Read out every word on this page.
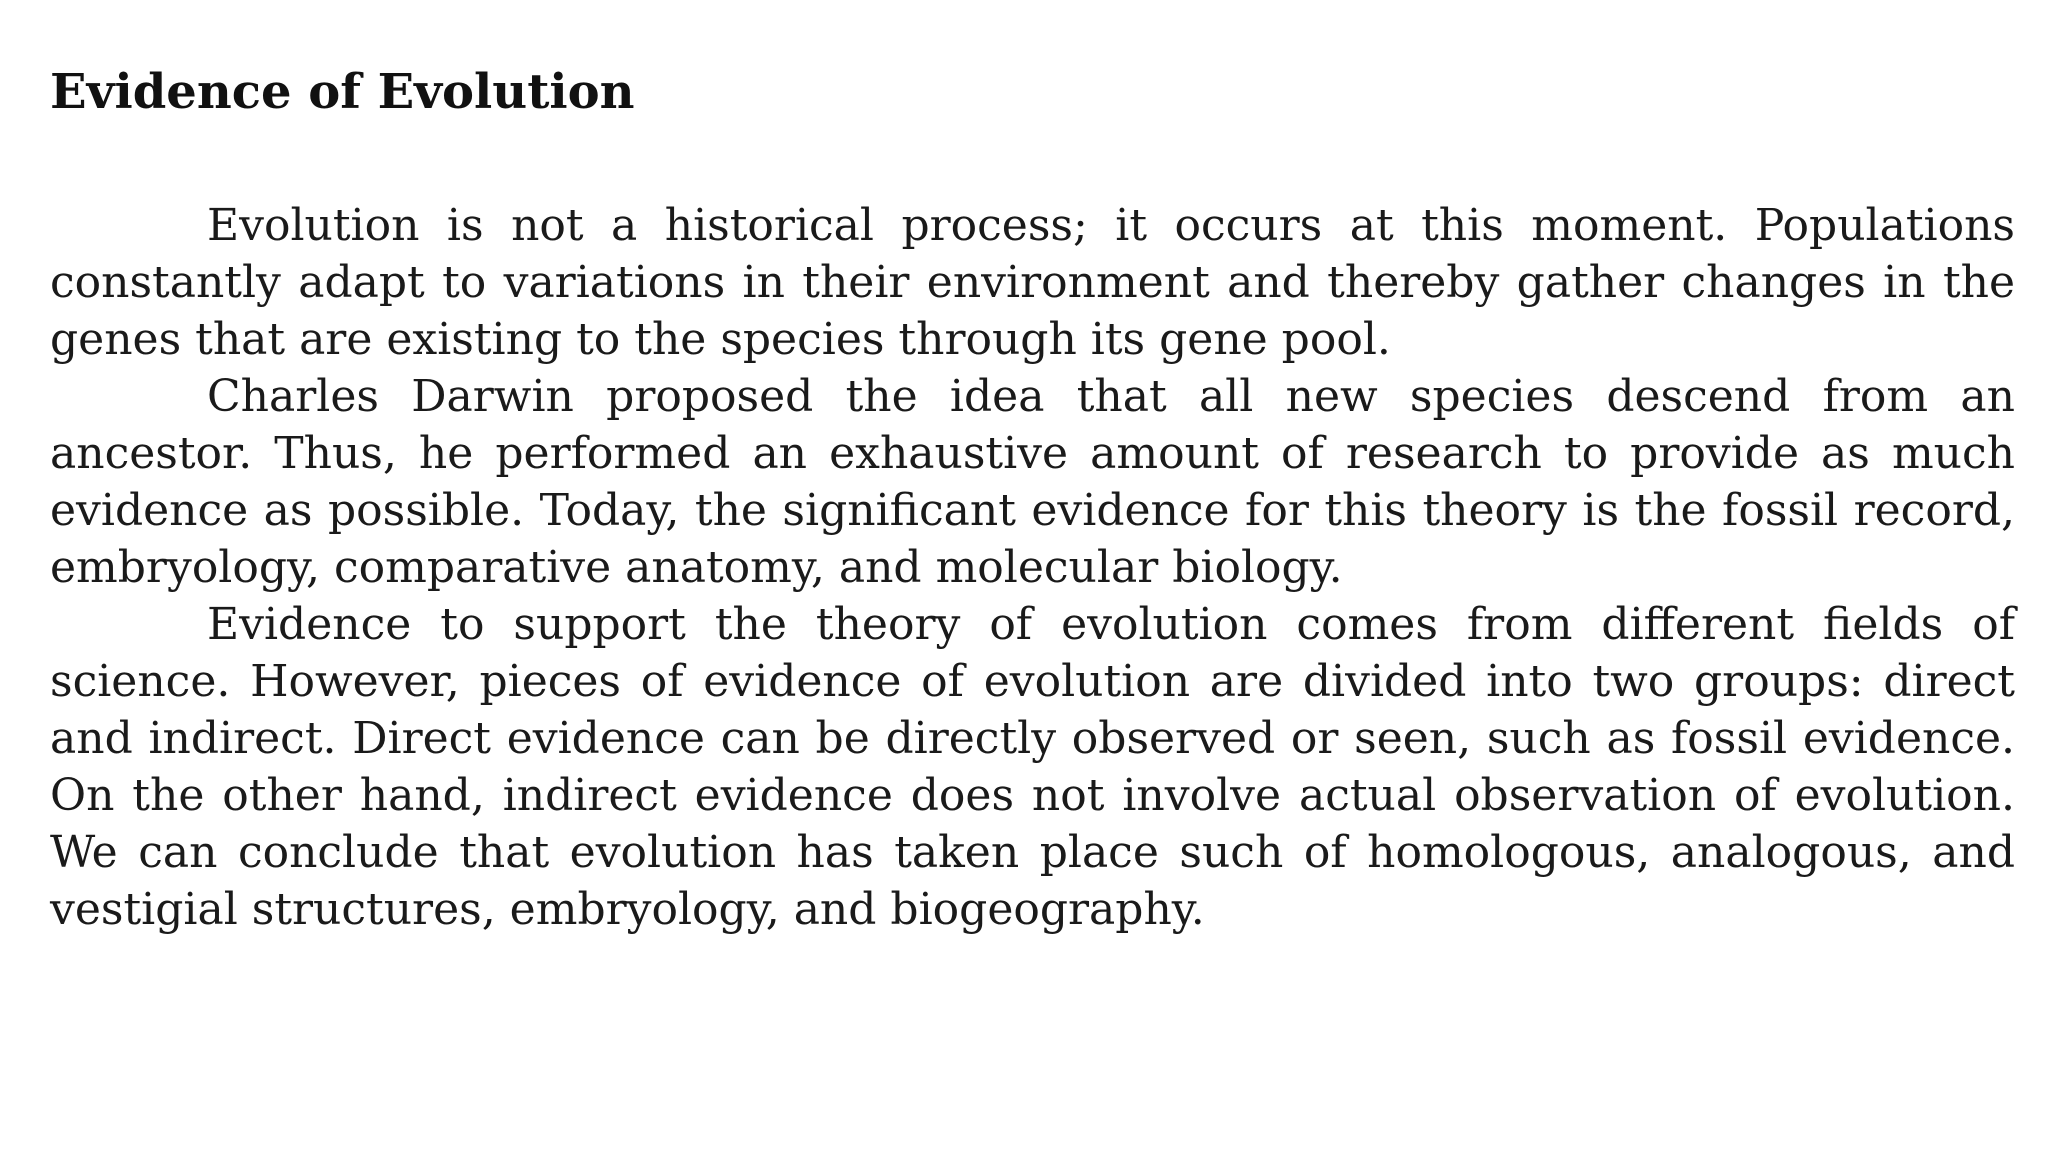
Evidence of Evolution

Evolution is not a historical process; it occurs at this moment. Populations constantly adapt to variations in their environment and thereby gather changes in the genes that are existing to the species through its gene pool.

Charles Darwin proposed the idea that all new species descend from an ancestor. Thus, he performed an exhaustive amount of research to provide as much evidence as possible. Today, the significant evidence for this theory is the fossil record, embryology, comparative anatomy, and molecular biology.

Evidence to support the theory of evolution comes from different fields of science. However, pieces of evidence of evolution are divided into two groups: direct and indirect. Direct evidence can be directly observed or seen, such as fossil evidence. On the other hand, indirect evidence does not involve actual observation of evolution. We can conclude that evolution has taken place such of homologous, analogous, and vestigial structures, embryology, and biogeography.
